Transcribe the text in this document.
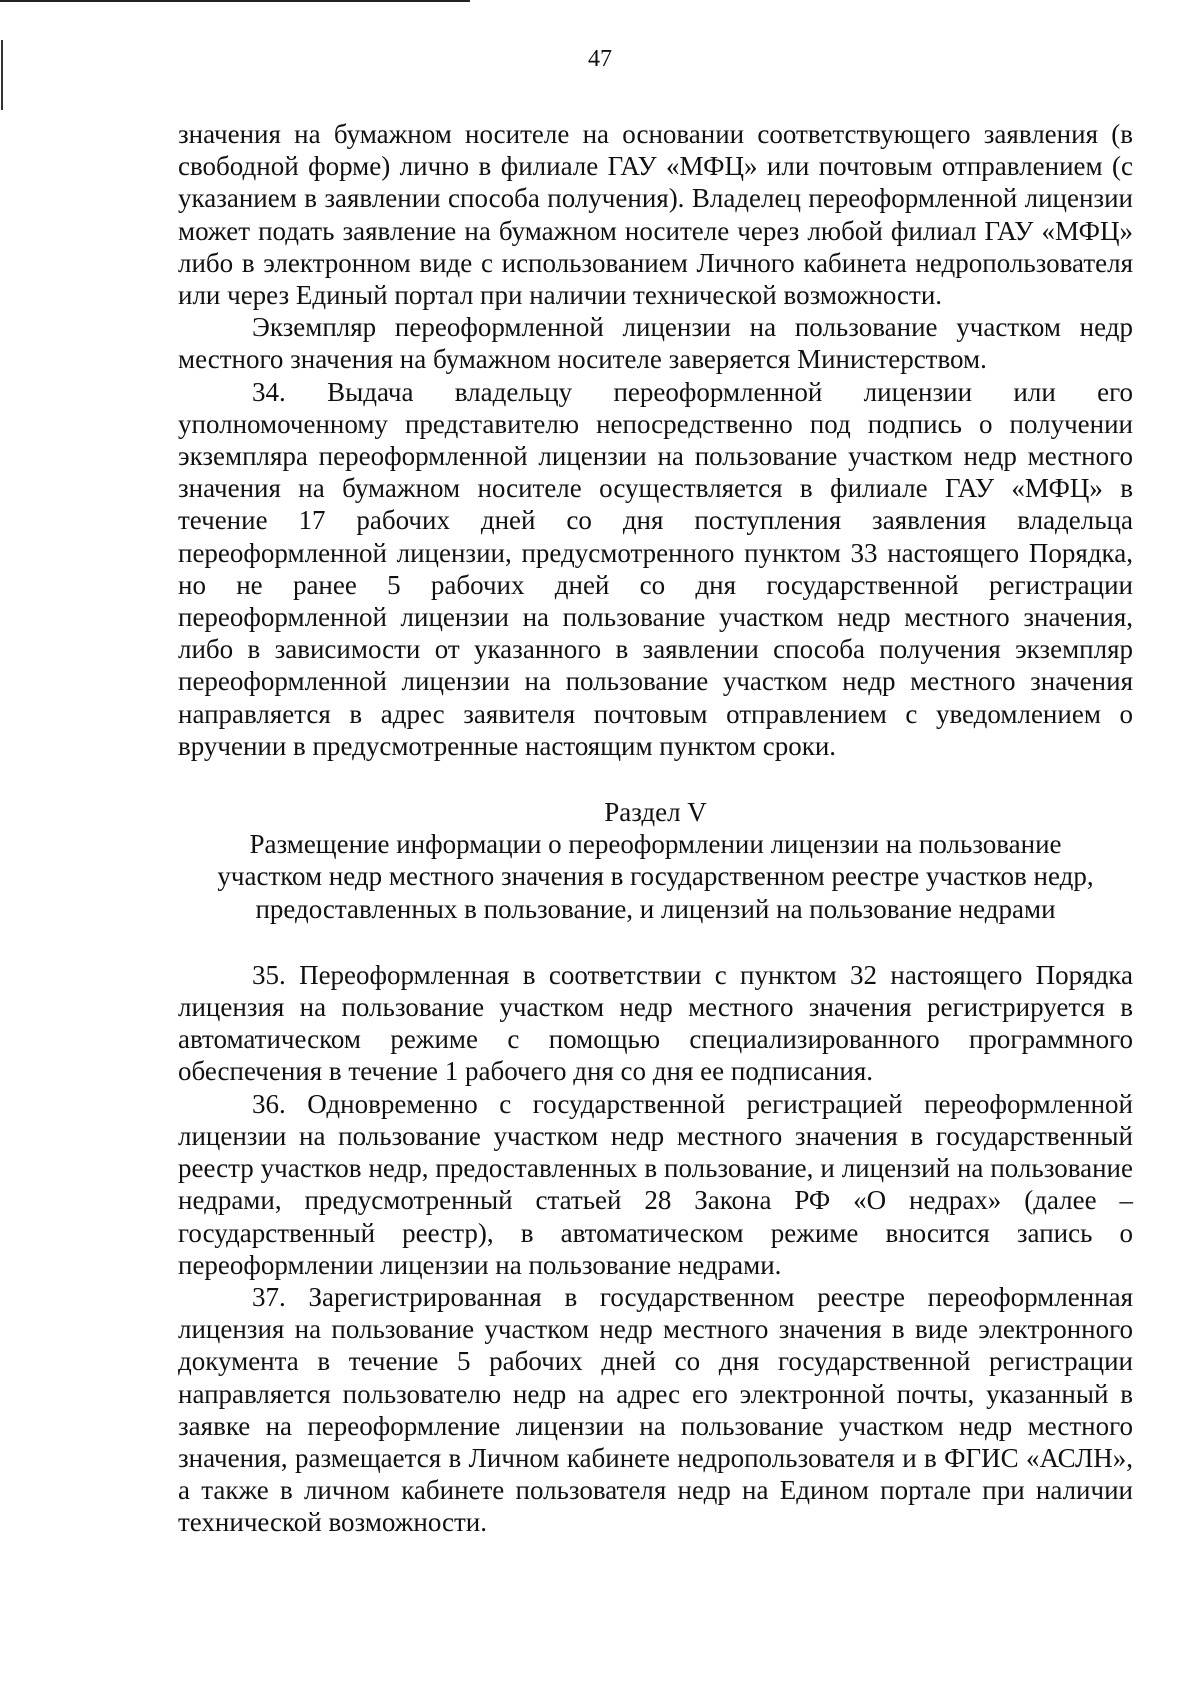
47

значения на бумажном носителе на основании соответствующего заявления (в свободной форме) лично в филиале ГАУ «МФЦ» или почтовым отправлением (с указанием в заявлении способа получения). Владелец переоформленной лицензии может подать заявление на бумажном носителе через любой филиал ГАУ «МФЦ» либо в электронном виде с использованием Личного кабинета недропользователя или через Единый портал при наличии технической возможности.

Экземпляр переоформленной лицензии на пользование участком недр местного значения на бумажном носителе заверяется Министерством.

34. Выдача владельцу переоформленной лицензии или его уполномоченному представителю непосредственно под подпись о получении экземпляра переоформленной лицензии на пользование участком недр местного значения на бумажном носителе осуществляется в филиале ГАУ «МФЦ» в течение 17 рабочих дней со дня поступления заявления владельца переоформленной лицензии, предусмотренного пунктом 33 настоящего Порядка, но не ранее 5 рабочих дней со дня государственной регистрации переоформленной лицензии на пользование участком недр местного значения, либо в зависимости от указанного в заявлении способа получения экземпляр переоформленной лицензии на пользование участком недр местного значения направляется в адрес заявителя почтовым отправлением с уведомлением о вручении в предусмотренные настоящим пунктом сроки.

Раздел V
Размещение информации о переоформлении лицензии на пользование
участком недр местного значения в государственном реестре участков недр,
предоставленных в пользование, и лицензий на пользование недрами

35. Переоформленная в соответствии с пунктом 32 настоящего Порядка лицензия на пользование участком недр местного значения регистрируется в автоматическом режиме с помощью специализированного программного обеспечения в течение 1 рабочего дня со дня ее подписания.

36. Одновременно с государственной регистрацией переоформленной лицензии на пользование участком недр местного значения в государственный реестр участков недр, предоставленных в пользование, и лицензий на пользование недрами, предусмотренный статьей 28 Закона РФ «О недрах» (далее – государственный реестр), в автоматическом режиме вносится запись о переоформлении лицензии на пользование недрами.

37. Зарегистрированная в государственном реестре переоформленная лицензия на пользование участком недр местного значения в виде электронного документа в течение 5 рабочих дней со дня государственной регистрации направляется пользователю недр на адрес его электронной почты, указанный в заявке на переоформление лицензии на пользование участком недр местного значения, размещается в Личном кабинете недропользователя и в ФГИС «АСЛН», а также в личном кабинете пользователя недр на Едином портале при наличии технической возможности.
